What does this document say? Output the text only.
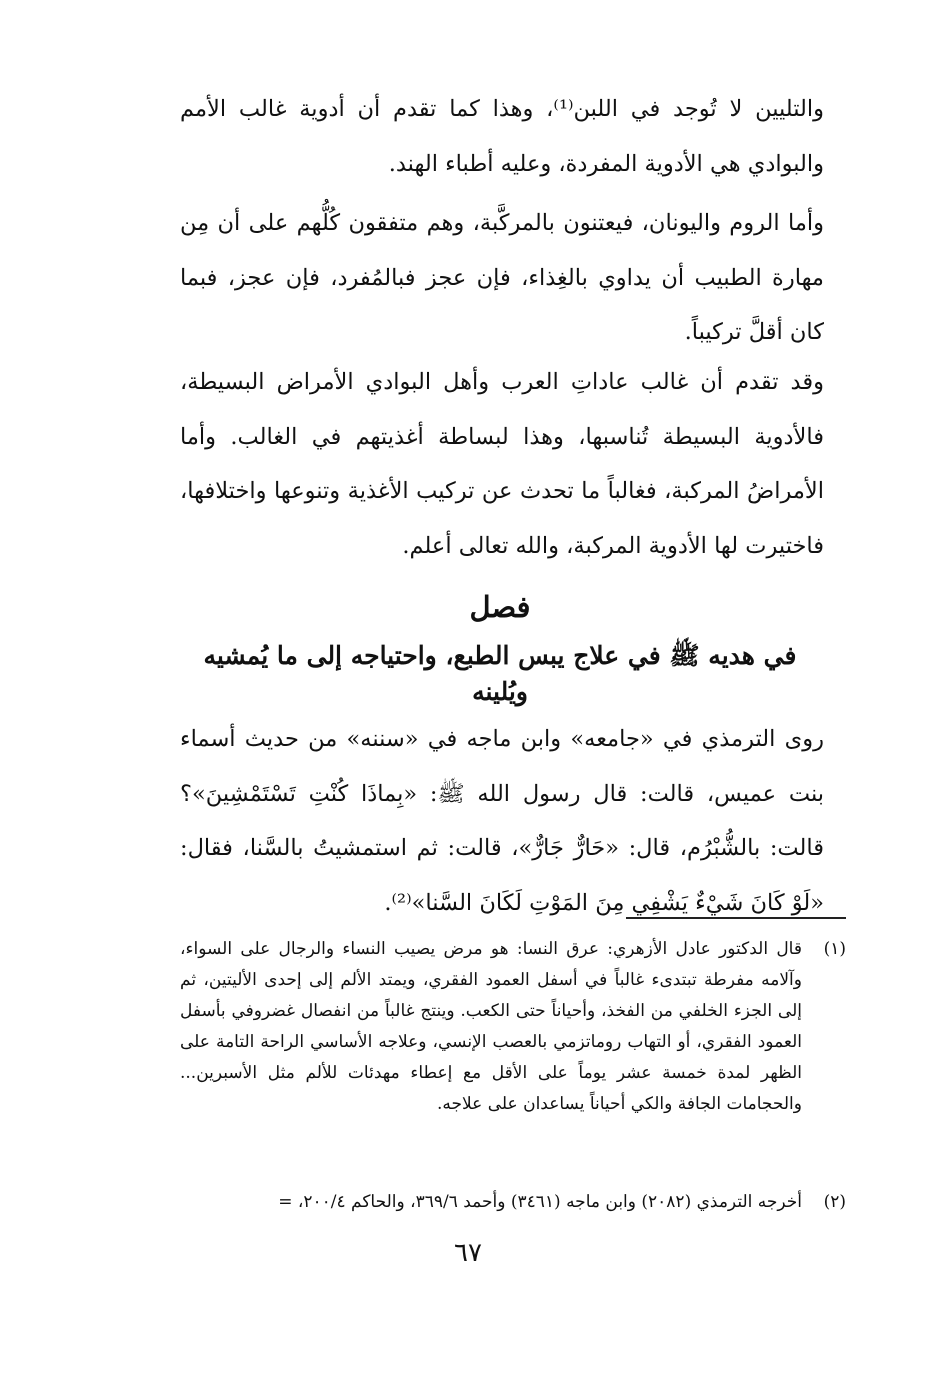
والتليين لا تُوجد في اللبن⁽¹⁾، وهذا كما تقدم أن أدوية غالب الأمم والبوادي هي الأدوية المفردة، وعليه أطباء الهند.

وأما الروم واليونان، فيعتنون بالمركَّبة، وهم متفقون كُلُّهم على أن مِن مهارة الطبيب أن يداوي بالغِذاء، فإن عجز فبالمُفرد، فإن عجز، فبما كان أقلَّ تركيباً.

وقد تقدم أن غالب عاداتِ العرب وأهل البوادي الأمراض البسيطة، فالأدوية البسيطة تُناسبها، وهذا لبساطة أغذيتهم في الغالب. وأما الأمراضُ المركبة، فغالباً ما تحدث عن تركيب الأغذية وتنوعها واختلافها، فاختيرت لها الأدوية المركبة، والله تعالى أعلم.

فصل
في هديه ﷺ في علاج يبس الطبع، واحتياجه إلى ما يُمشيه ويُلينه

روى الترمذي في «جامعه» وابن ماجه في «سننه» من حديث أسماء بنت عميس، قالت: قال رسول الله ﷺ: «بِماذَا كُنْتِ تَسْتَمْشِينَ»؟ قالت: بالشُّبْرُم، قال: «حَارٌّ جَارٌّ»، قالت: ثم استمشيتُ بالسَّنا، فقال: «لَوْ كَانَ شَيْءٌ يَشْفِي مِنَ المَوْتِ لَكَانَ السَّنا»⁽²⁾.

(١)
قال الدكتور عادل الأزهري: عرق النسا: هو مرض يصيب النساء والرجال على السواء، وآلامه مفرطة تبتدىء غالباً في أسفل العمود الفقري، ويمتد الألم إلى إحدى الأليتين، ثم إلى الجزء الخلفي من الفخذ، وأحياناً حتى الكعب. وينتج غالباً من انفصال غضروفي بأسفل العمود الفقري، أو التهاب روماتزمي بالعصب الإنسي، وعلاجه الأساسي الراحة التامة على الظهر لمدة خمسة عشر يوماً على الأقل مع إعطاء مهدئات للألم مثل الأسبرين... والحجامات الجافة والكي أحياناً يساعدان على علاجه.
(٢)
أخرجه الترمذي (٢٠٨٢) وابن ماجه (٣٤٦١) وأحمد ٣٦٩/٦، والحاكم ٢٠٠/٤، =
٦٧
